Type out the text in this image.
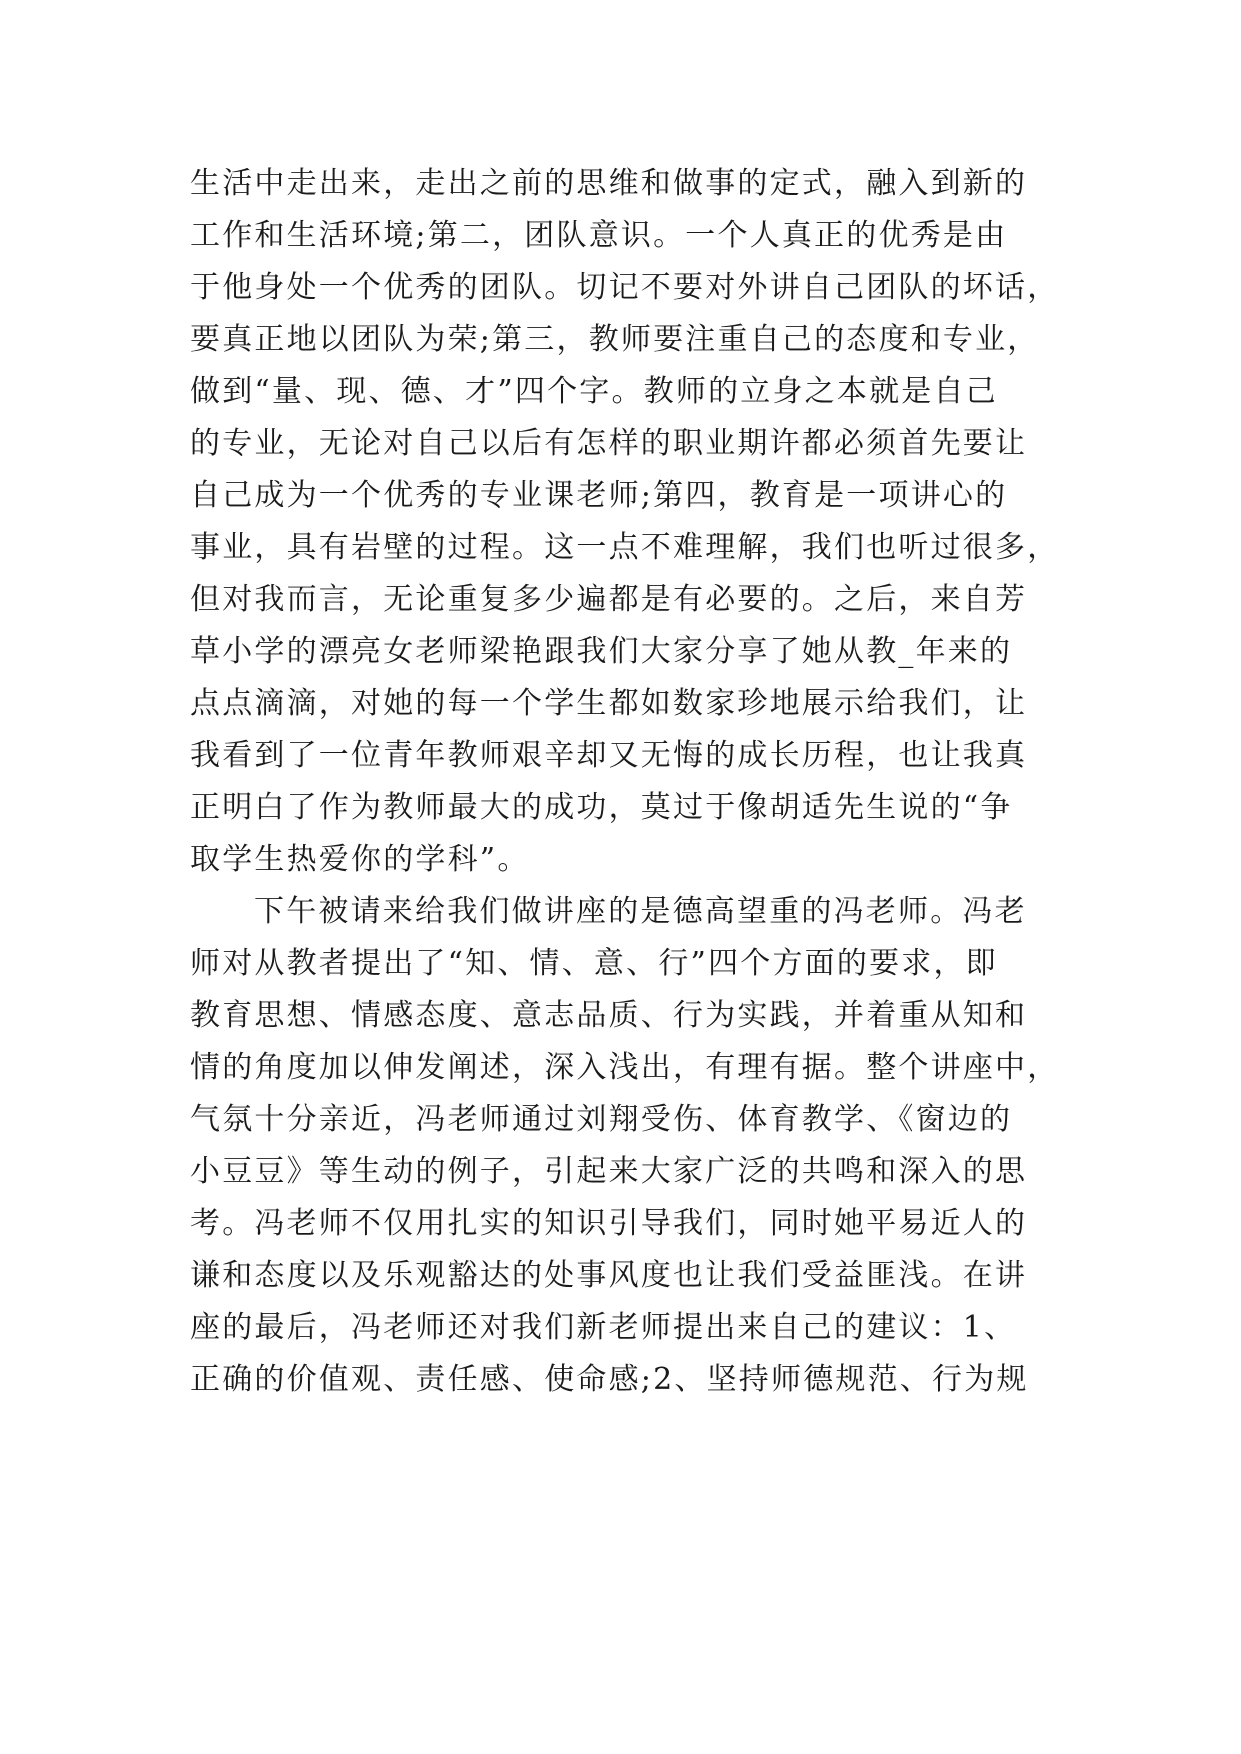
生活中走出来，走出之前的思维和做事的定式，融入到新的
工作和生活环境;第二，团队意识。一个人真正的优秀是由
于他身处一个优秀的团队。切记不要对外讲自己团队的坏话，
要真正地以团队为荣;第三，教师要注重自己的态度和专业，
做到“量、现、德、才”四个字。教师的立身之本就是自己
的专业，无论对自己以后有怎样的职业期许都必须首先要让
自己成为一个优秀的专业课老师;第四，教育是一项讲心的
事业，具有岩壁的过程。这一点不难理解，我们也听过很多，
但对我而言，无论重复多少遍都是有必要的。之后，来自芳
草小学的漂亮女老师梁艳跟我们大家分享了她从教_年来的
点点滴滴，对她的每一个学生都如数家珍地展示给我们，让
我看到了一位青年教师艰辛却又无悔的成长历程，也让我真
正明白了作为教师最大的成功，莫过于像胡适先生说的“争
取学生热爱你的学科”。
下午被请来给我们做讲座的是德高望重的冯老师。冯老
师对从教者提出了“知、情、意、行”四个方面的要求，即
教育思想、情感态度、意志品质、行为实践，并着重从知和
情的角度加以伸发阐述，深入浅出，有理有据。整个讲座中，
气氛十分亲近，冯老师通过刘翔受伤、体育教学、《窗边的
小豆豆》等生动的例子，引起来大家广泛的共鸣和深入的思
考。冯老师不仅用扎实的知识引导我们，同时她平易近人的
谦和态度以及乐观豁达的处事风度也让我们受益匪浅。在讲
座的最后，冯老师还对我们新老师提出来自己的建议：1、
正确的价值观、责任感、使命感;2、坚持师德规范、行为规
